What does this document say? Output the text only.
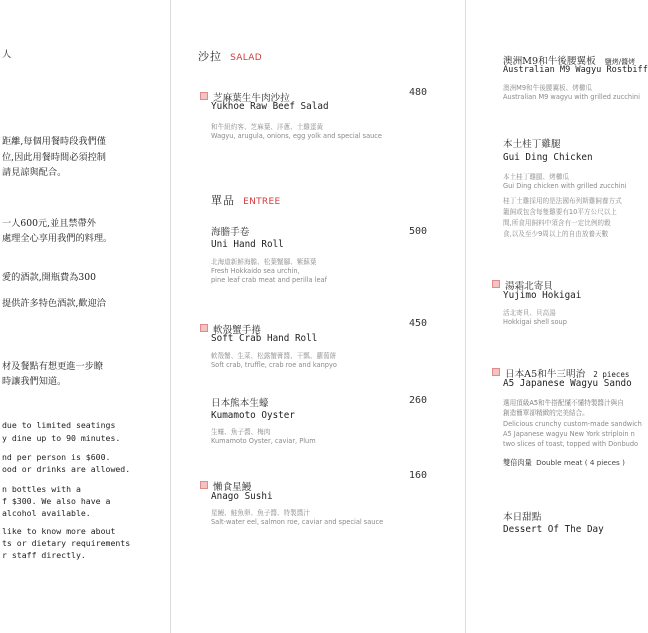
人
距離,每個用餐時段我們僅
位,因此用餐時間必須控制
請見諒與配合。
一人600元,並且禁帶外
處理全心享用我們的料理。
愛的酒款,開瓶費為300
提供許多特色酒款,歡迎洽
材及餐點有想更進一步瞭
時讓我們知道。
due to limited seatings
y dine up to 90 minutes.
nd per person is $600.
ood or drinks are allowed.
n bottles with a
f $300. We also have a
alcohol available.
like to know more about
ts or dietary requirements
r staff directly.
沙拉 SALAD
芝麻葉生牛肉沙拉
480
Yukhoe Raw Beef Salad
和牛紐約客、芝麻葉、洋蔥、土雞蛋黃
Wagyu, arugula, onions, egg yolk and special sauce
單品 ENTREE
海膽手卷	500
Uni Hand Roll
北海道新鮮海膽、松葉蟹腳、紫蘇葉
Fresh Hokkaido sea urchin,
pine leaf crab meat and perilla leaf
軟殼蟹手捲
450
Soft Crab Hand Roll
軟殼蟹、生菜、松露蟹膏醬、干瓢、蘿蔔餅
Soft crab, truffle, crab roe and kanpyo
日本熊本生蠔	260
Kumamoto Oyster
生蠔、魚子醬、梅肉
Kumamoto Oyster, caviar, Plum
懶食星鰻
160
Anago Sushi
星鰻、鮭魚卵、魚子醬、特製醬汁
Salt-water eel, salmon roe, caviar and special sauce
澳洲M9和牛後腰翼板 鹽烤/醬烤
Australian M9 Wagyu Rostbiff
澳洲M9和牛後腰翼板、烤櫛瓜
Australian M9 wagyu with grilled zucchini
本土桂丁雞腿
Gui Ding Chicken
本土桂丁雞腿、烤櫛瓜
Gui Ding chicken with grilled zucchini
桂丁土雞採用的是法國布列斯雞飼養方式
籠飼或包含每隻雞要有10平方公尺以上
間,所食用飼料中須含有一定比例的穀
食,以及至少9周以上的自由放養天數
湯霜北寄貝
Yujimo Hokigai
活北寄貝、貝高湯
Hokkigai shell soup
日本A5和牛三明治 2 pieces
A5 Japanese Wagyu Sando
選用頂級A5和牛搭配懂不懂特製醬汁與自
創造簡單卻精緻的完美結合。
Delicious crunchy custom-made sandwich
A5 Japanese wagyu New York striploin n
two slices of toast, topped with Donbudo
雙倍肉量 Double meat ( 4 pieces )
本日甜點
Dessert Of The Day
